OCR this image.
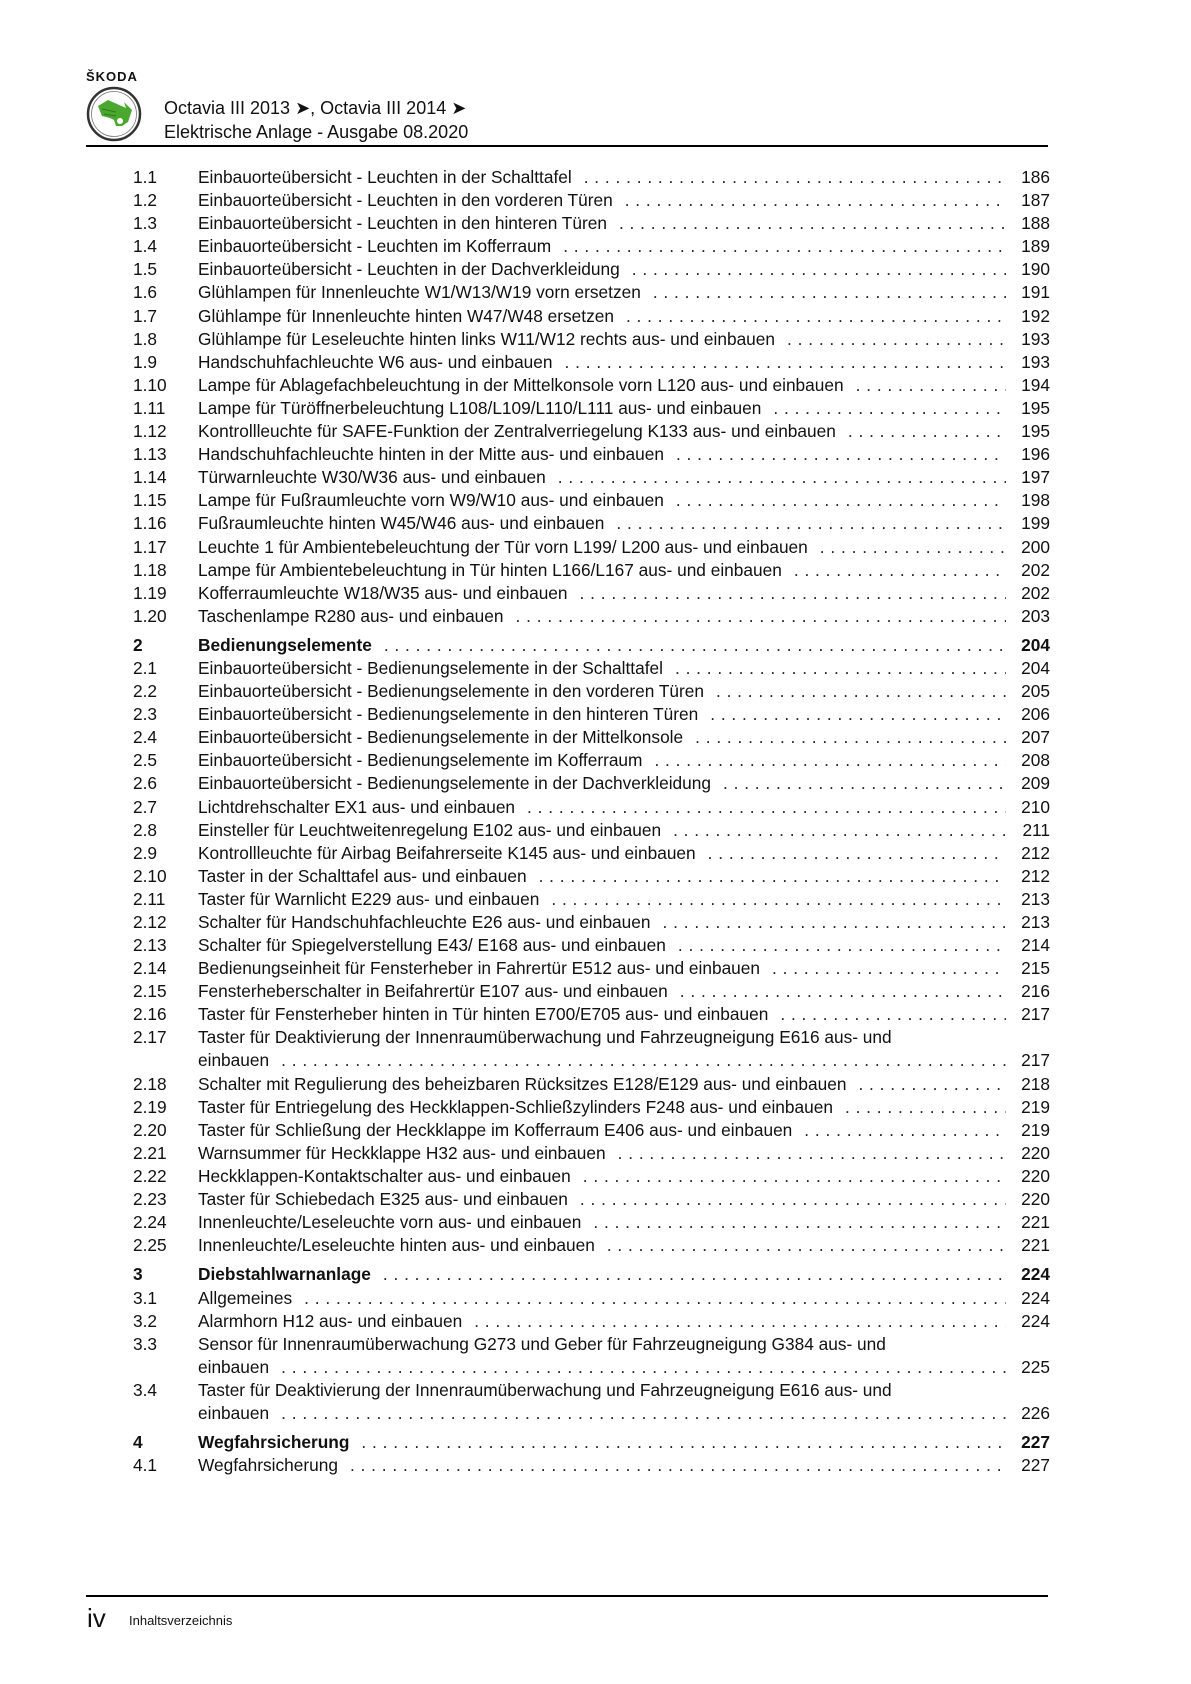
ŠKODA
Octavia III 2013 ➤, Octavia III 2014 ➤
Elektrische Anlage - Ausgabe 08.2020
1.1 Einbauorteübersicht - Leuchten in der Schalttafel . . .	186
1.2 Einbauorteübersicht - Leuchten in den vorderen Türen . . .	187
1.3 Einbauorteübersicht - Leuchten in den hinteren Türen . . .	188
1.4 Einbauorteübersicht - Leuchten im Kofferraum . . .	189
1.5 Einbauorteübersicht - Leuchten in der Dachverkleidung . . .	190
1.6 Glühlampen für Innenleuchte W1/W13/W19 vorn ersetzen . . .	191
1.7 Glühlampe für Innenleuchte hinten W47/W48 ersetzen . . .	192
1.8 Glühlampe für Leseleuchte hinten links W11/W12 rechts aus- und einbauen . . .	193
1.9 Handschuhfachleuchte W6 aus- und einbauen . . .	193
1.10 Lampe für Ablagefachbeleuchtung in der Mittelkonsole vorn L120 aus- und einbauen . . .	194
1.11 Lampe für Türöffnerbeleuchtung L108/L109/L110/L111 aus- und einbauen . . .	195
1.12 Kontrollleuchte für SAFE-Funktion der Zentralverriegelung K133 aus- und einbauen . . .	195
1.13 Handschuhfachleuchte hinten in der Mitte aus- und einbauen . . .	196
1.14 Türwarnleuchte W30/W36 aus- und einbauen . . .	197
1.15 Lampe für Fußraumleuchte vorn W9/W10 aus- und einbauen . . .	198
1.16 Fußraumleuchte hinten W45/W46 aus- und einbauen . . .	199
1.17 Leuchte 1 für Ambientebeleuchtung der Tür vorn L199/ L200 aus- und einbauen . . .	200
1.18 Lampe für Ambientebeleuchtung in Tür hinten L166/L167 aus- und einbauen . . .	202
1.19 Kofferraumleuchte W18/W35 aus- und einbauen . . .	202
1.20 Taschenlampe R280 aus- und einbauen . . .	203
2	Bedienungselemente . . .	204
2.1 Einbauorteübersicht - Bedienungselemente in der Schalttafel . . .	204
2.2 Einbauorteübersicht - Bedienungselemente in den vorderen Türen . . .	205
2.3 Einbauorteübersicht - Bedienungselemente in den hinteren Türen . . .	206
2.4 Einbauorteübersicht - Bedienungselemente in der Mittelkonsole . . .	207
2.5 Einbauorteübersicht - Bedienungselemente im Kofferraum . . .	208
2.6 Einbauorteübersicht - Bedienungselemente in der Dachverkleidung . . .	209
2.7 Lichtdrehschalter EX1 aus- und einbauen . . .	210
2.8 Einsteller für Leuchtweitenregelung E102 aus- und einbauen . . .	211
2.9 Kontrollleuchte für Airbag Beifahrerseite K145 aus- und einbauen . . .	212
2.10 Taster in der Schalttafel aus- und einbauen . . .	212
2.11 Taster für Warnlicht E229 aus- und einbauen . . .	213
2.12 Schalter für Handschuhfachleuchte E26 aus- und einbauen . . .	213
2.13 Schalter für Spiegelverstellung E43/ E168 aus- und einbauen . . .	214
2.14 Bedienungseinheit für Fensterheber in Fahrertür E512 aus- und einbauen . . .	215
2.15 Fensterheberschalter in Beifahrertür E107 aus- und einbauen . . .	216
2.16 Taster für Fensterheber hinten in Tür hinten E700/E705 aus- und einbauen . . .	217
2.17 Taster für Deaktivierung der Innenraumüberwachung und Fahrzeugneigung E616 aus- und
einbauen . . .	217
2.18 Schalter mit Regulierung des beheizbaren Rücksitzes E128/E129 aus- und einbauen . . .	218
2.19 Taster für Entriegelung des Heckklappen-Schließzylinders F248 aus- und einbauen . . .	219
2.20 Taster für Schließung der Heckklappe im Kofferraum E406 aus- und einbauen . . .	219
2.21 Warnsummer für Heckklappe H32 aus- und einbauen . . .	220
2.22 Heckklappen-Kontaktschalter aus- und einbauen . . .	220
2.23 Taster für Schiebedach E325 aus- und einbauen . . .	220
2.24 Innenleuchte/Leseleuchte vorn aus- und einbauen . . .	221
2.25 Innenleuchte/Leseleuchte hinten aus- und einbauen . . .	221
3	Diebstahlwarnanlage . . .	224
3.1 Allgemeines . . .	224
3.2 Alarmhorn H12 aus- und einbauen . . .	224
3.3 Sensor für Innenraumüberwachung G273 und Geber für Fahrzeugneigung G384 aus- und
einbauen . . .	225
3.4 Taster für Deaktivierung der Innenraumüberwachung und Fahrzeugneigung E616 aus- und
einbauen . . .	226
4	Wegfahrsicherung . . .	227
4.1 Wegfahrsicherung . . .	227
iv Inhaltsverzeichnis
